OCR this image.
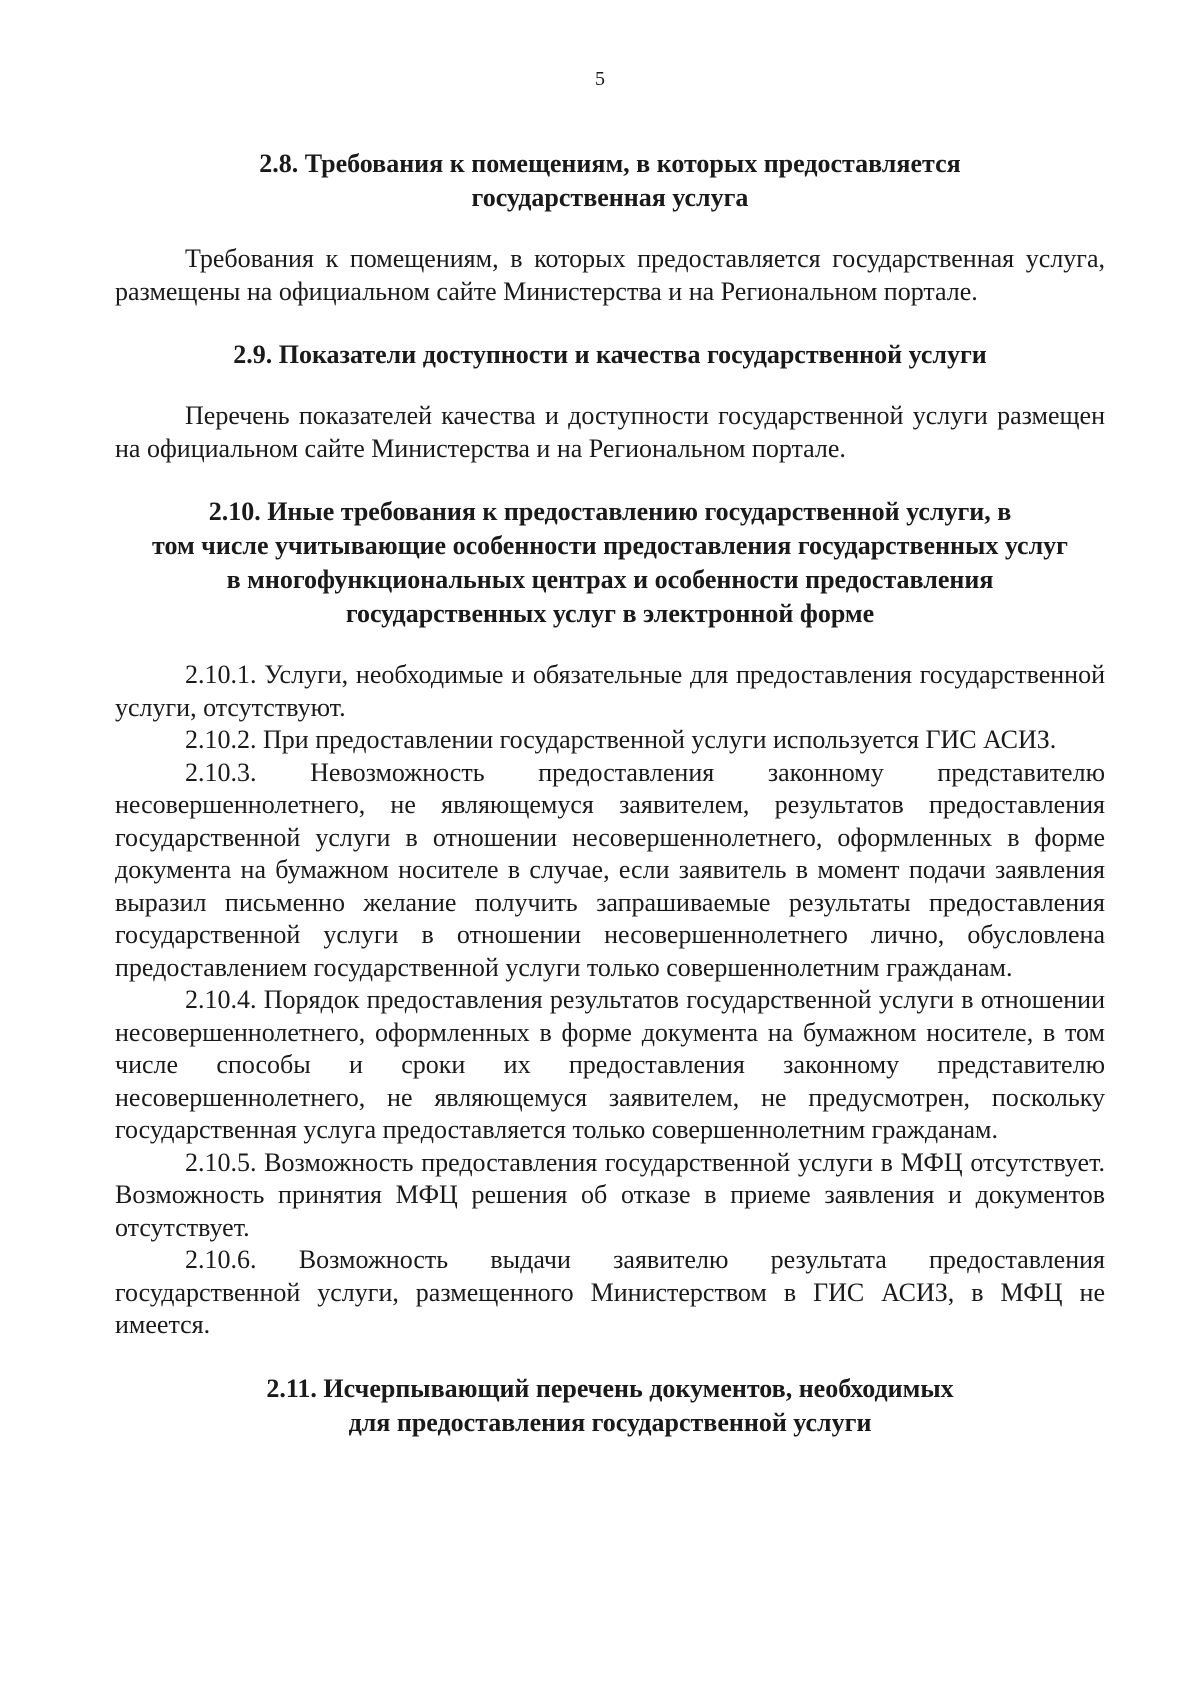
5
2.8. Требования к помещениям, в которых предоставляется
государственная услуга

Требования к помещениям, в которых предоставляется государственная услуга, размещены на официальном сайте Министерства и на Региональном портале.

2.9. Показатели доступности и качества государственной услуги

Перечень показателей качества и доступности государственной услуги размещен на официальном сайте Министерства и на Региональном портале.

2.10. Иные требования к предоставлению государственной услуги, в
том числе учитывающие особенности предоставления государственных услуг
в многофункциональных центрах и особенности предоставления
государственных услуг в электронной форме

2.10.1. Услуги, необходимые и обязательные для предоставления государственной услуги, отсутствуют.

2.10.2. При предоставлении государственной услуги используется ГИС АСИЗ.

2.10.3. Невозможность предоставления законному представителю несовершеннолетнего, не являющемуся заявителем, результатов предоставления государственной услуги в отношении несовершеннолетнего, оформленных в форме документа на бумажном носителе в случае, если заявитель в момент подачи заявления выразил письменно желание получить запрашиваемые результаты предоставления государственной услуги в отношении несовершеннолетнего лично, обусловлена предоставлением государственной услуги только совершеннолетним гражданам.

2.10.4. Порядок предоставления результатов государственной услуги в отношении несовершеннолетнего, оформленных в форме документа на бумажном носителе, в том числе способы и сроки их предоставления законному представителю несовершеннолетнего, не являющемуся заявителем, не предусмотрен, поскольку государственная услуга предоставляется только совершеннолетним гражданам.

2.10.5. Возможность предоставления государственной услуги в МФЦ отсутствует. Возможность принятия МФЦ решения об отказе в приеме заявления и документов отсутствует.

2.10.6. Возможность выдачи заявителю результата предоставления государственной услуги, размещенного Министерством в ГИС АСИЗ, в МФЦ не имеется.

2.11. Исчерпывающий перечень документов, необходимых
для предоставления государственной услуги
